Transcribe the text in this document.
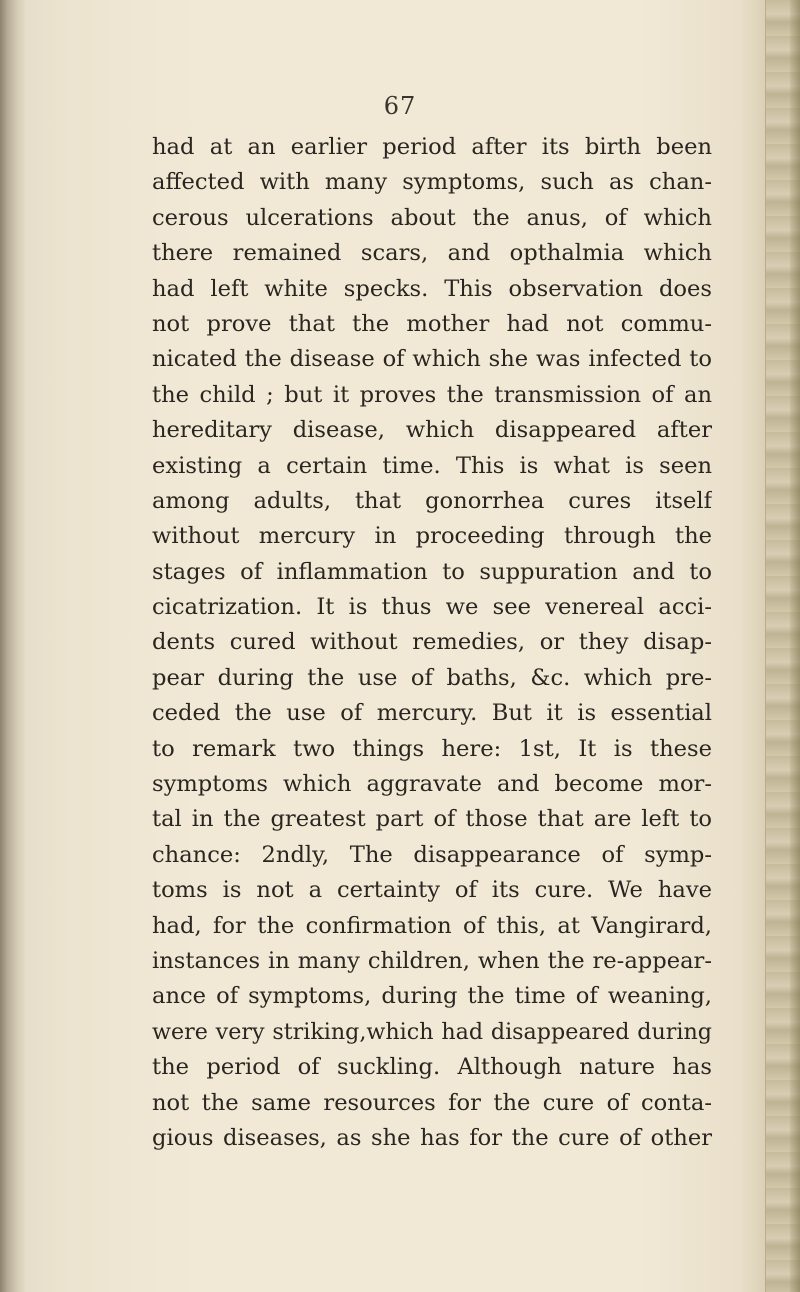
67
had at an earlier period after its birth been
affected with many symptoms, such as chan-
cerous ulcerations about the anus, of which
there remained scars, and opthalmia which
had left white specks. This observation does
not prove that the mother had not commu-
nicated the disease of which she was infected to
the child ; but it proves the transmission of an
hereditary disease, which disappeared after
existing a certain time. This is what is seen
among adults, that gonorrhea cures itself
without mercury in proceeding through the
stages of inflammation to suppuration and to
cicatrization. It is thus we see venereal acci-
dents cured without remedies, or they disap-
pear during the use of baths, &c. which pre-
ceded the use of mercury. But it is essential
to remark two things here: 1st, It is these
symptoms which aggravate and become mor-
tal in the greatest part of those that are left to
chance: 2ndly, The disappearance of symp-
toms is not a certainty of its cure. We have
had, for the confirmation of this, at Vangirard,
instances in many children, when the re-appear-
ance of symptoms, during the time of weaning,
were very striking,which had disappeared during
the period of suckling. Although nature has
not the same resources for the cure of conta-
gious diseases, as she has for the cure of other
